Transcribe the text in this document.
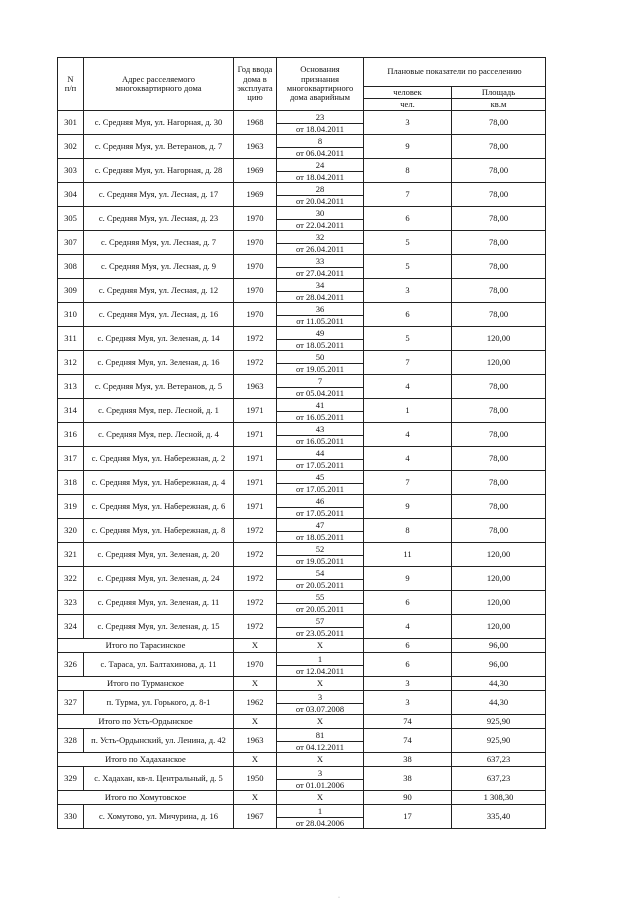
N
п/п	Адрес расселяемого
многоквартирного дома	Год ввода
дома в
эксплуата
цию	Основания
признания
многоквартирного
дома аварийным	Плановые показатели по расселению	
				человек	Площадь
				чел.	кв.м
301	с. Средняя Муя, ул. Нагорная, д. 30	1968	23
от 18.04.2011	3	78,00
302	с. Средняя Муя, ул. Ветеранов, д. 7	1963	8
от 06.04.2011	9	78,00
303	с. Средняя Муя, ул. Нагорная, д. 28	1969	24
от 18.04.2011	8	78,00
304	с. Средняя Муя, ул. Лесная, д. 17	1969	28
от 20.04.2011	7	78,00
305	с. Средняя Муя, ул. Лесная, д. 23	1970	30
от 22.04.2011	6	78,00
307	с. Средняя Муя, ул. Лесная, д. 7	1970	32
от 26.04.2011	5	78,00
308	с. Средняя Муя, ул. Лесная, д. 9	1970	33
от 27.04.2011	5	78,00
309	с. Средняя Муя, ул. Лесная, д. 12	1970	34
от 28.04.2011	3	78,00
310	с. Средняя Муя, ул. Лесная, д. 16	1970	36
от 11.05.2011	6	78,00
311	с. Средняя Муя, ул. Зеленая, д. 14	1972	49
от 18.05.2011	5	120,00
312	с. Средняя Муя, ул. Зеленая, д. 16	1972	50
от 19.05.2011	7	120,00
313	с. Средняя Муя, ул. Ветеранов, д. 5	1963	7
от 05.04.2011	4	78,00
314	с. Средняя Муя, пер. Лесной, д. 1	1971	41
от 16.05.2011	1	78,00
316	с. Средняя Муя, пер. Лесной, д. 4	1971	43
от 16.05.2011	4	78,00
317	с. Средняя Муя, ул. Набережная, д. 2	1971	44
от 17.05.2011	4	78,00
318	с. Средняя Муя, ул. Набережная, д. 4	1971	45
от 17.05.2011	7	78,00
319	с. Средняя Муя, ул. Набережная, д. 6	1971	46
от 17.05.2011	9	78,00
320	с. Средняя Муя, ул. Набережная, д. 8	1972	47
от 18.05.2011	8	78,00
321	с. Средняя Муя, ул. Зеленая, д. 20	1972	52
от 19.05.2011	11	120,00
322	с. Средняя Муя, ул. Зеленая, д. 24	1972	54
от 20.05.2011	9	120,00
323	с. Средняя Муя, ул. Зеленая, д. 11	1972	55
от 20.05.2011	6	120,00
324	с. Средняя Муя, ул. Зеленая, д. 15	1972	57
от 23.05.2011	4	120,00
Итого по Тарасинское		X	X	6	96,00
326	с. Тараса, ул. Балтахинова, д. 11	1970	1
от 12.04.2011	6	96,00
Итого по Турманское		X	X	3	44,30
327	п. Турма, ул. Горького, д. 8-1	1962	3
от 03.07.2008	3	44,30
Итого по Усть-Ордынское		X	X	74	925,90
328	п. Усть-Ордынский, ул. Ленина, д. 42	1963	81
от 04.12.2011	74	925,90
Итого по Хадаханское		X	X	38	637,23
329	с. Хадахан, кв-л. Центральный, д. 5	1950	3
от 01.01.2006	38	637,23
Итого по Хомутовское		X	X	90	1 308,30
330	с. Хомутово, ул. Мичурина, д. 16	1967	1
от 28.04.2006	17	335,40
·
